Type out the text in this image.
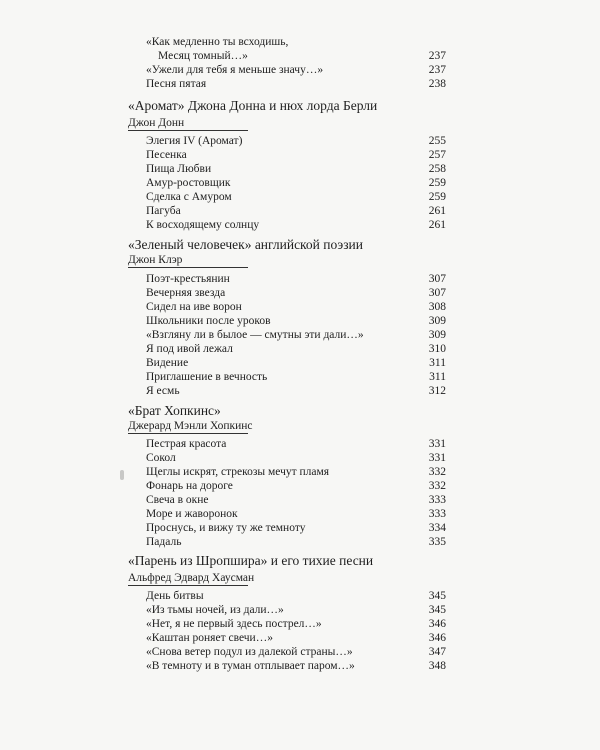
«Как медленно ты всходишь,
Месяц томный…»	237
«Ужели для тебя я меньше значу…»	237
Песня пятая	238
«Аромат» Джона Донна и нюх лорда Берли
Джон Донн
Элегия IV (Аромат)	255
Песенка	257
Пища Любви	258
Амур-ростовщик	259
Сделка с Амуром	259
Пагуба	261
К восходящему солнцу	261
«Зеленый человечек» английской поэзии
Джон Клэр
Поэт-крестьянин	307
Вечерняя звезда	307
Сидел на иве ворон	308
Школьники после уроков	309
«Взгляну ли в былое — смутны эти дали…»	309
Я под ивой лежал	310
Видение	311
Приглашение в вечность	311
Я есмь	312
«Брат Хопкинс»
Джерард Мэнли Хопкинс
Пестрая красота	331
Сокол	331
Щеглы искрят, стрекозы мечут пламя	332
Фонарь на дороге	332
Свеча в окне	333
Море и жаворонок	333
Проснусь, и вижу ту же темноту	334
Падаль	335
«Парень из Шропшира» и его тихие песни
Альфред Эдвард Хаусман
День битвы	345
«Из тьмы ночей, из дали…»	345
«Нет, я не первый здесь пострел…»	346
«Каштан роняет свечи…»	346
«Снова ветер подул из далекой страны…»	347
«В темноту и в туман отплывает паром…»	348
